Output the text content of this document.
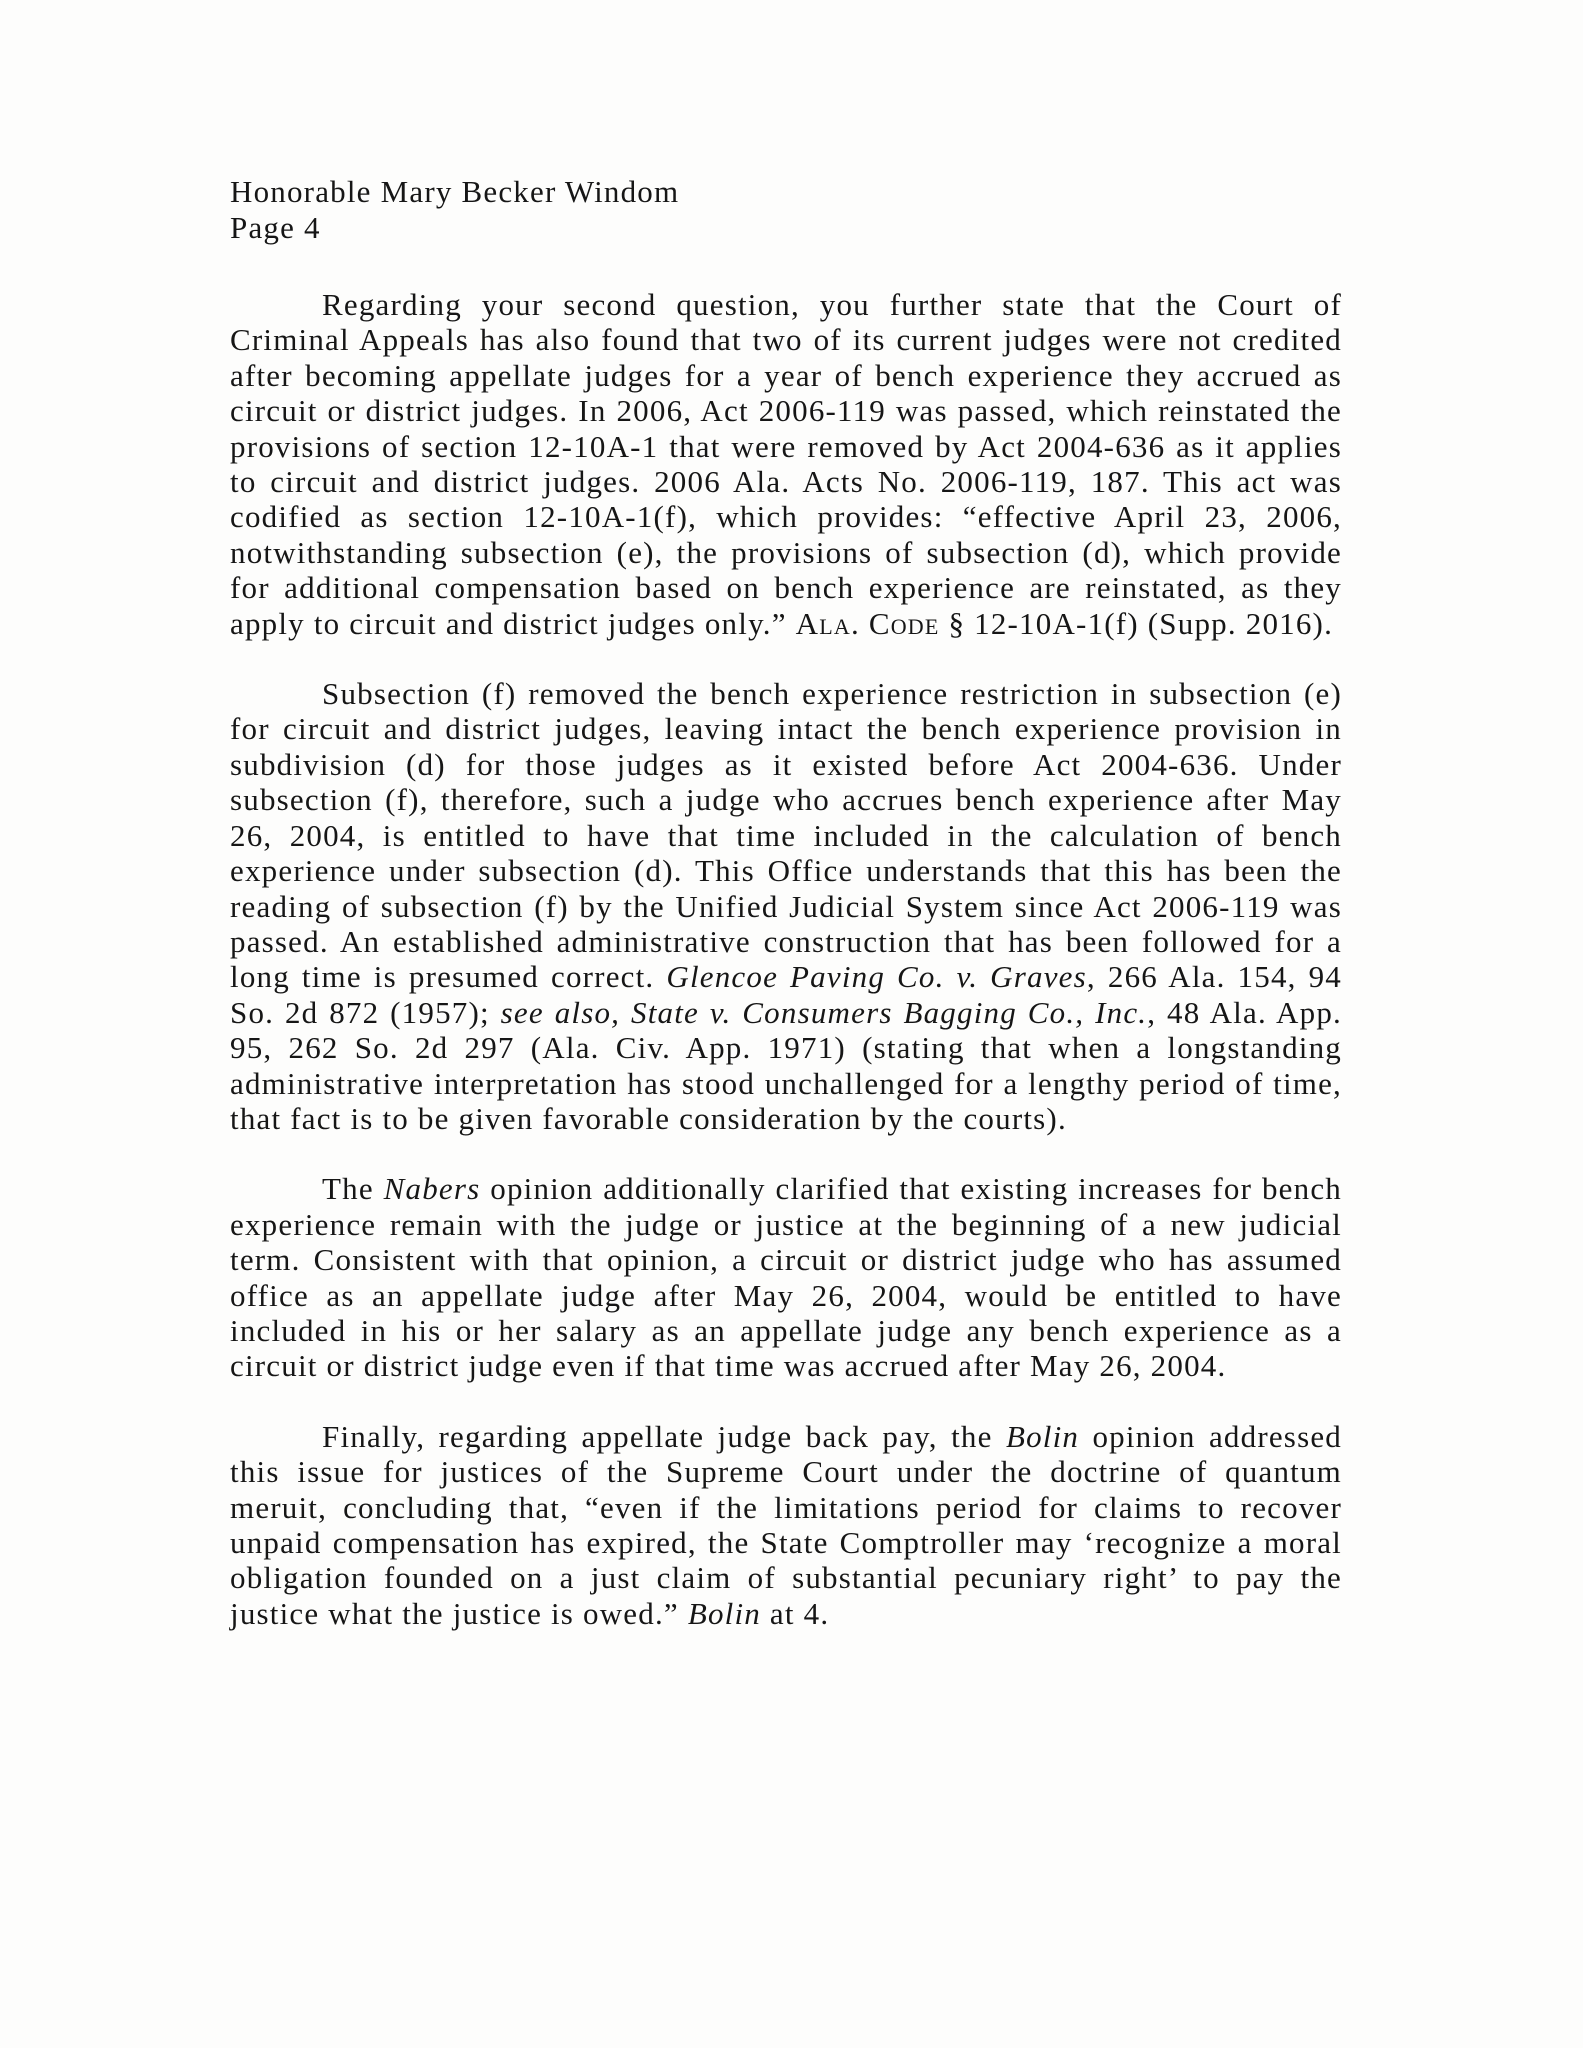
Honorable Mary Becker Windom
Page 4

Regarding your second question, you further state that the Court of Criminal Appeals has also found that two of its current judges were not credited after becoming appellate judges for a year of bench experience they accrued as circuit or district judges. In 2006, Act 2006-119 was passed, which reinstated the provisions of section 12-10A-1 that were removed by Act 2004-636 as it applies to circuit and district judges. 2006 Ala. Acts No. 2006-119, 187. This act was codified as section 12-10A-1(f), which provides: “effective April 23, 2006, notwithstanding subsection (e), the provisions of subsection (d), which provide for additional compensation based on bench experience are reinstated, as they apply to circuit and district judges only.” Ala. Code § 12-10A-1(f) (Supp. 2016).

Subsection (f) removed the bench experience restriction in subsection (e) for circuit and district judges, leaving intact the bench experience provision in subdivision (d) for those judges as it existed before Act 2004-636. Under subsection (f), therefore, such a judge who accrues bench experience after May 26, 2004, is entitled to have that time included in the calculation of bench experience under subsection (d). This Office understands that this has been the reading of subsection (f) by the Unified Judicial System since Act 2006-119 was passed. An established administrative construction that has been followed for a long time is presumed correct. Glencoe Paving Co. v. Graves, 266 Ala. 154, 94 So. 2d 872 (1957); see also, State v. Consumers Bagging Co., Inc., 48 Ala. App. 95, 262 So. 2d 297 (Ala. Civ. App. 1971) (stating that when a longstanding administrative interpretation has stood unchallenged for a lengthy period of time, that fact is to be given favorable consideration by the courts).

The Nabers opinion additionally clarified that existing increases for bench experience remain with the judge or justice at the beginning of a new judicial term. Consistent with that opinion, a circuit or district judge who has assumed office as an appellate judge after May 26, 2004, would be entitled to have included in his or her salary as an appellate judge any bench experience as a circuit or district judge even if that time was accrued after May 26, 2004.

Finally, regarding appellate judge back pay, the Bolin opinion addressed this issue for justices of the Supreme Court under the doctrine of quantum meruit, concluding that, “even if the limitations period for claims to recover unpaid compensation has expired, the State Comptroller may ‘recognize a moral obligation founded on a just claim of substantial pecuniary right’ to pay the justice what the justice is owed.” Bolin at 4.
